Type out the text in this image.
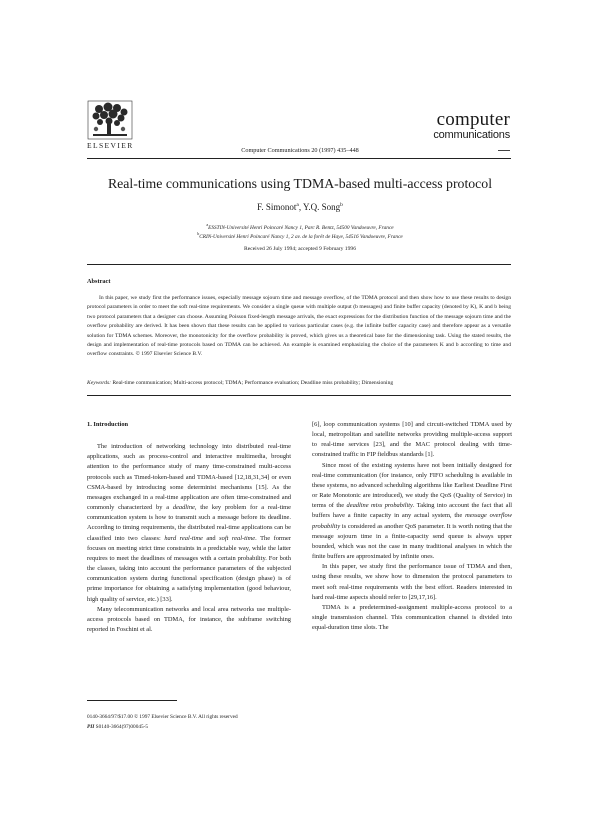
ELSEVIER
Computer Communications 20 (1997) 435–448
computer
communications
Real-time communications using TDMA-based multi-access protocol
F. Simonot$^a$, Y.Q. Song$^b$
$^a$ESSTIN-Université Henri Poincaré Nancy 1, Parc R. Bentz, 54500 Vandoeuvre, France
$^b$CRIN-Université Henri Poincaré Nancy 1, 2 av. de la forêt de Haye, 54516 Vandoeuvre, France
Received 26 July 1994; accepted 9 February 1996
Abstract
In this paper, we study first the performance issues, especially message sojourn time and message overflow, of the TDMA protocol and then show how to use these results to design protocol parameters in order to meet the soft real-time requirements. We consider a single queue with multiple output (b messages) and finite buffer capacity (denoted by K), K and b being two protocol parameters that a designer can choose. Assuming Poisson fixed-length message arrivals, the exact expressions for the distribution function of the message sojourn time and the overflow probability are derived. It has been shown that these results can be applied to various particular cases (e.g. the infinite buffer capacity case) and therefore appear as a versatile solution for TDMA schemes. Moreover, the monotonicity for the overflow probability is proved, which gives us a theoretical base for the dimensioning task. Using the stated results, the design and implementation of real-time protocols based on TDMA can be achieved. An example is examined emphasizing the choice of the parameters K and b according to time and overflow constraints. © 1997 Elsevier Science B.V.
Keywords: Real-time communication; Multi-access protocol; TDMA; Performance evaluation; Deadline miss probability; Dimensioning
1. Introduction

The introduction of networking technology into distributed real-time applications, such as process-control and interactive multimedia, brought attention to the performance study of many time-constrained multi-access protocols such as Timed-token-based and TDMA-based [12,18,31,34] or even CSMA-based by introducing some determinist mechanisms [15]. As the messages exchanged in a real-time application are often time-constrained and commonly characterized by a deadline, the key problem for a real-time communication system is how to transmit such a message before its deadline. According to timing requirements, the distributed real-time applications can be classified into two classes: hard real-time and soft real-time. The former focuses on meeting strict time constraints in a predictable way, while the latter requires to meet the deadlines of messages with a certain probability. For both the classes, taking into account the performance parameters of the subjected communication system during functional specification (design phase) is of prime importance for obtaining a satisfying implementation (good behaviour, high quality of service, etc.) [33].

Many telecommunication networks and local area networks use multiple-access protocols based on TDMA, for instance, the subframe switching reported in Foschini et al.

[6], loop communication systems [10] and circuit-switched TDMA used by local, metropolitan and satellite networks providing multiple-access support to real-time services [23], and the MAC protocol dealing with time-constrained traffic in FIP fieldbus standards [1].

Since most of the existing systems have not been initially designed for real-time communication (for instance, only FIFO scheduling is available in these systems, no advanced scheduling algorithms like Earliest Deadline First or Rate Monotonic are introduced), we study the QoS (Quality of Service) in terms of the deadline miss probability. Taking into account the fact that all buffers have a finite capacity in any actual system, the message overflow probability is considered as another QoS parameter. It is worth noting that the message sojourn time in a finite-capacity send queue is always upper bounded, which was not the case in many traditional analyses in which the finite buffers are approximated by infinite ones.

In this paper, we study first the performance issue of TDMA and then, using these results, we show how to dimension the protocol parameters to meet soft real-time requirements with the best effort. Readers interested in hard real-time aspects should refer to [29,17,16].

TDMA is a predetermined-assignment multiple-access protocol to a single transmission channel. This communication channel is divided into equal-duration time slots. The

0140-3664/97/$17.00 © 1997 Elsevier Science B.V. All rights reserved
PII S0140-3664(97)00045-5
